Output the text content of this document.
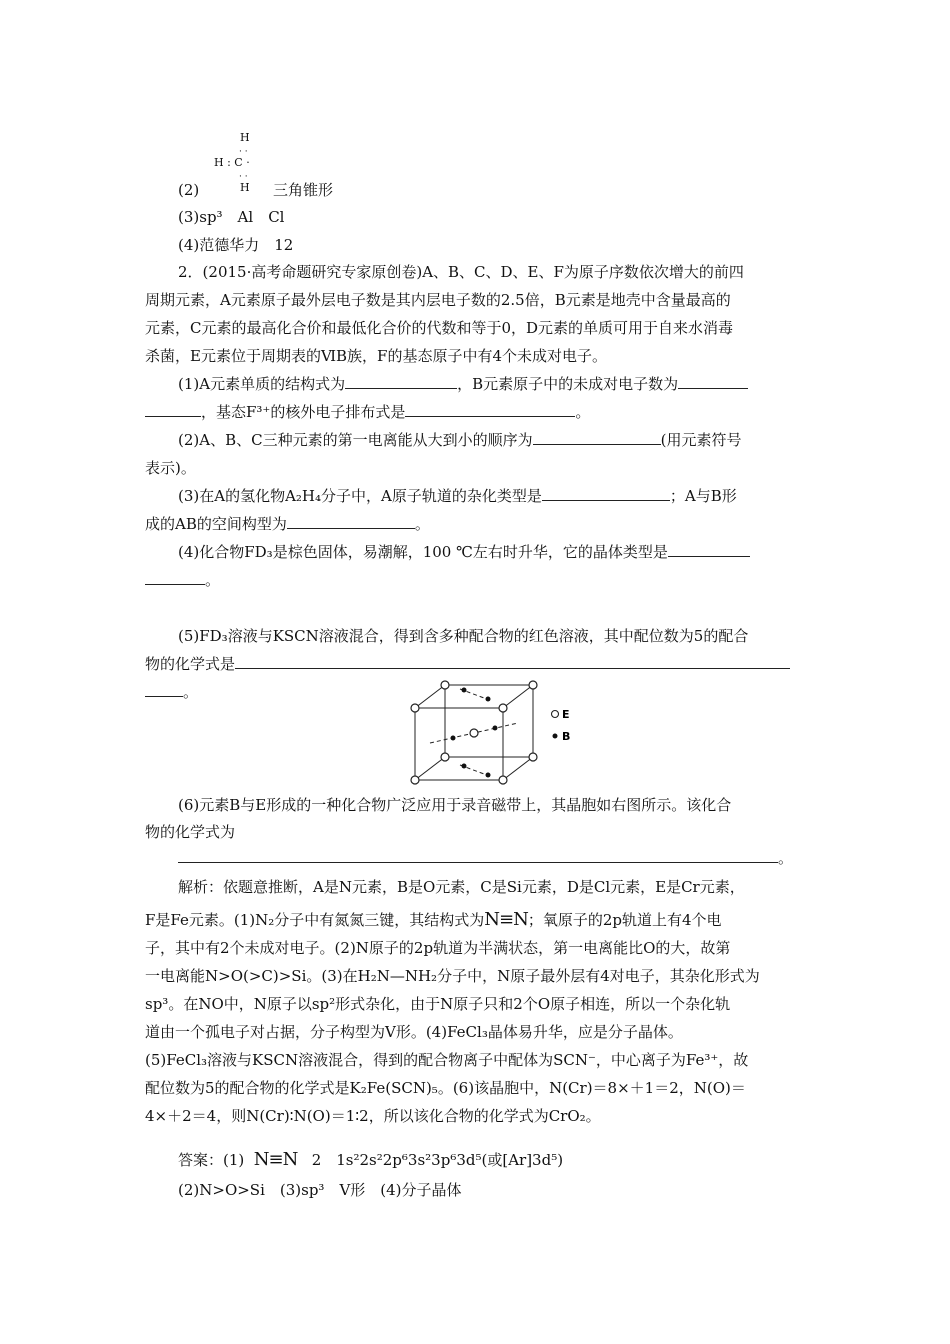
H
· ·
H : C ·
· ·
H
(2)	三角锥形
(3)sp³　Al　Cl
(4)范德华力　12
2．(2015·高考命题研究专家原创卷)A、B、C、D、E、F为原子序数依次增大的前四
周期元素，A元素原子最外层电子数是其内层电子数的2.5倍，B元素是地壳中含量最高的
元素，C元素的最高化合价和最低化合价的代数和等于0，D元素的单质可用于自来水消毒
杀菌，E元素位于周期表的ⅥB族，F的基态原子中有4个未成对电子。
(1)A元素单质的结构式为	，B元素原子中的未成对电子数为
，基态F³⁺的核外电子排布式是	。
(2)A、B、C三种元素的第一电离能从大到小的顺序为	(用元素符号
表示)。
(3)在A的氢化物A₂H₄分子中，A原子轨道的杂化类型是	；A与B形
成的AB的空间构型为	。
(4)化合物FD₃是棕色固体，易潮解，100 ℃左右时升华，它的晶体类型是
。
(5)FD₃溶液与KSCN溶液混合，得到含多种配合物的红色溶液，其中配位数为5的配合
物的化学式是
。
E
B
(6)元素B与E形成的一种化合物广泛应用于录音磁带上，其晶胞如右图所示。该化合
物的化学式为
。
解析：依题意推断，A是N元素，B是O元素，C是Si元素，D是Cl元素，E是Cr元素，
F是Fe元素。(1)N₂分子中有氮氮三键，其结构式为N≡N；氧原子的2p轨道上有4个电
子，其中有2个未成对电子。(2)N原子的2p轨道为半满状态，第一电离能比O的大，故第
一电离能N>O(>C)>Si。(3)在H₂N—NH₂分子中，N原子最外层有4对电子，其杂化形式为
sp³。在NO中，N原子以sp²形式杂化，由于N原子只和2个O原子相连，所以一个杂化轨
道由一个孤电子对占据，分子构型为V形。(4)FeCl₃晶体易升华，应是分子晶体。
(5)FeCl₃溶液与KSCN溶液混合，得到的配合物离子中配体为SCN⁻，中心离子为Fe³⁺，故
配位数为5的配合物的化学式是K₂Fe(SCN)₅。(6)该晶胞中，N(Cr)＝8×＋1＝2，N(O)＝
4×＋2＝4，则N(Cr)∶N(O)＝1∶2，所以该化合物的化学式为CrO₂。
答案：(1) N≡N 2　1s²2s²2p⁶3s²3p⁶3d⁵(或[Ar]3d⁵)
(2)N>O>Si　(3)sp³　V形　(4)分子晶体
